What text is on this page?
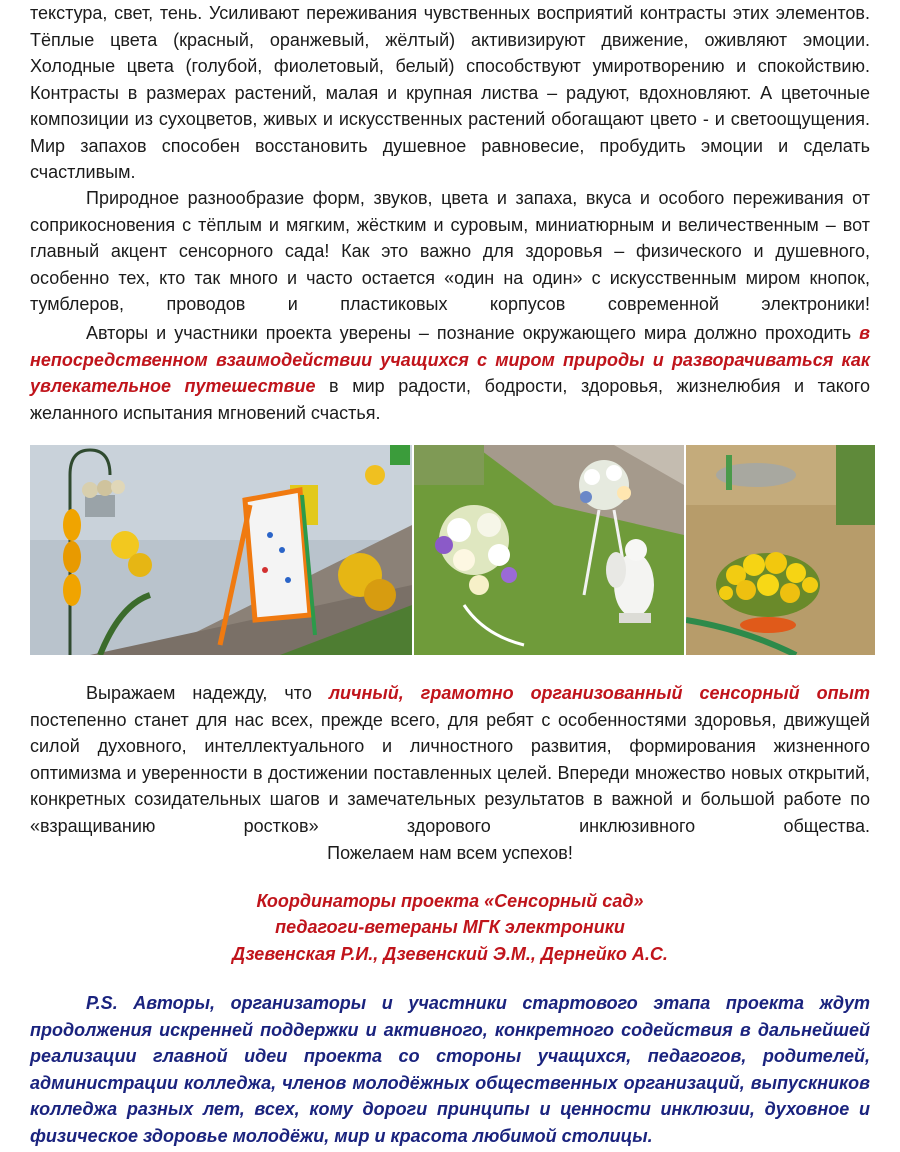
текстура, свет, тень. Усиливают переживания чувственных восприятий контрасты этих элементов. Тёплые цвета (красный, оранжевый, жёлтый) активизируют движение, оживляют эмоции. Холодные цвета (голубой, фиолетовый, белый) способствуют умиротворению и спокойствию. Контрасты в размерах растений, малая и крупная листва – радуют, вдохновляют. А цветочные композиции из сухоцветов, живых и искусственных растений обогащают цвето - и светоощущения. Мир запахов способен восстановить душевное равновесие, пробудить эмоции и сделать счастливым.

Природное разнообразие форм, звуков, цвета и запаха, вкуса и особого переживания от соприкосновения с тёплым и мягким, жёстким и суровым, миниатюрным и величественным – вот главный акцент сенсорного сада! Как это важно для здоровья – физического и душевного, особенно тех, кто так много и часто остается «один на один» с искусственным миром кнопок, тумблеров, проводов и пластиковых корпусов современной электроники!

Авторы и участники проекта уверены – познание окружающего мира должно проходить в непосредственном взаимодействии учащихся с миром природы и разворачиваться как увлекательное путешествие в мир радости, бодрости, здоровья, жизнелюбия и такого желанного испытания мгновений счастья.

Выражаем надежду, что личный, грамотно организованный сенсорный опыт постепенно станет для нас всех, прежде всего, для ребят с особенностями здоровья, движущей силой духовного, интеллектуального и личностного развития, формирования жизненного оптимизма и уверенности в достижении поставленных целей. Впереди множество новых открытий, конкретных созидательных шагов и замечательных результатов в важной и большой работе по «взращиванию ростков» здорового инклюзивного общества.

Пожелаем нам всем успехов!

Координаторы проекта «Сенсорный сад»

педагоги-ветераны МГК электроники

Дзевенская Р.И., Дзевенский Э.М., Дернейко А.С.

P.S. Авторы, организаторы и участники стартового этапа проекта ждут продолжения искренней поддержки и активного, конкретного содействия в дальнейшей реализации главной идеи проекта со стороны учащихся, педагогов, родителей, администрации колледжа, членов молодёжных общественных организаций, выпускников колледжа разных лет, всех, кому дороги принципы и ценности инклюзии, духовное и физическое здоровье молодёжи, мир и красота любимой столицы.
